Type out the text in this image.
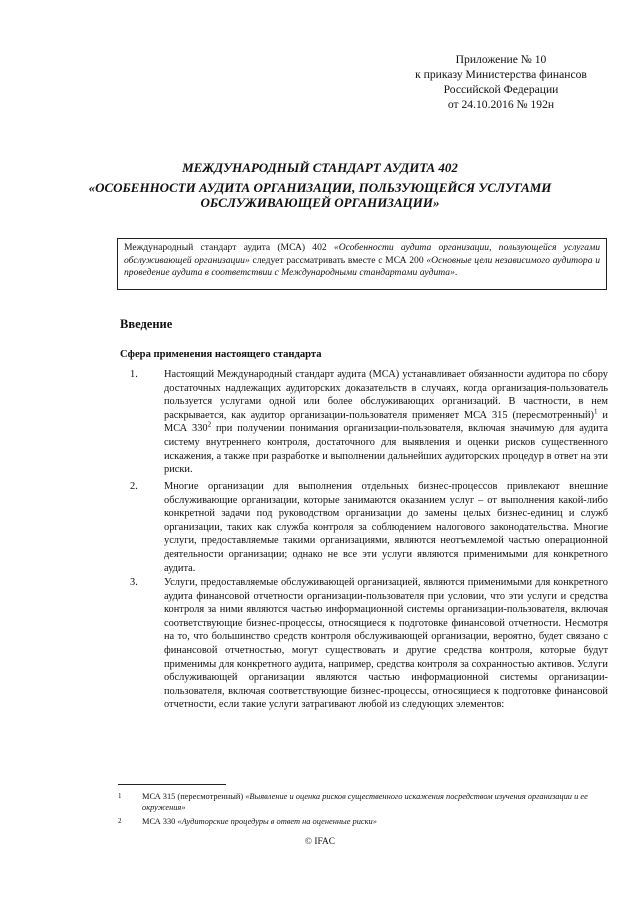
Приложение № 10
к приказу Министерства финансов
Российской Федерации
от 24.10.2016 № 192н
МЕЖДУНАРОДНЫЙ СТАНДАРТ АУДИТА 402
«ОСОБЕННОСТИ АУДИТА ОРГАНИЗАЦИИ, ПОЛЬЗУЮЩЕЙСЯ УСЛУГАМИ ОБСЛУЖИВАЮЩЕЙ ОРГАНИЗАЦИИ»
Международный стандарт аудита (МСА) 402 «Особенности аудита организации, пользующейся услугами обслуживающей организации» следует рассматривать вместе с МСА 200 «Основные цели независимого аудитора и проведение аудита в соответствии с Международными стандартами аудита».
Введение
Сфера применения настоящего стандарта
1.	Настоящий Международный стандарт аудита (МСА) устанавливает обязанности аудитора по сбору достаточных надлежащих аудиторских доказательств в случаях, когда организация-пользователь пользуется услугами одной или более обслуживающих организаций. В частности, в нем раскрывается, как аудитор организации-пользователя применяет МСА 315 (пересмотренный)$^1$ и МСА $330^2$ при получении понимания организации-пользователя, включая значимую для аудита систему внутреннего контроля, достаточного для выявления и оценки рисков существенного искажения, а также при разработке и выполнении дальнейших аудиторских процедур в ответ на эти риски.
2.	Многие организации для выполнения отдельных бизнес-процессов привлекают внешние обслуживающие организации, которые занимаются оказанием услуг – от выполнения какой-либо конкретной задачи под руководством организации до замены целых бизнес-единиц и служб организации, таких как служба контроля за соблюдением налогового законодательства. Многие услуги, предоставляемые такими организациями, являются неотъемлемой частью операционной деятельности организации; однако не все эти услуги являются применимыми для конкретного аудита.
3.	Услуги, предоставляемые обслуживающей организацией, являются применимыми для конкретного аудита финансовой отчетности организации-пользователя при условии, что эти услуги и средства контроля за ними являются частью информационной системы организации-пользователя, включая соответствующие бизнес-процессы, относящиеся к подготовке финансовой отчетности. Несмотря на то, что большинство средств контроля обслуживающей организации, вероятно, будет связано с финансовой отчетностью, могут существовать и другие средства контроля, которые будут применимы для конкретного аудита, например, средства контроля за сохранностью активов. Услуги обслуживающей организации являются частью информационной системы организации-пользователя, включая соответствующие бизнес-процессы, относящиеся к подготовке финансовой отчетности, если такие услуги затрагивают любой из следующих элементов:
1 МСА 315 (пересмотренный) «Выявление и оценка рисков существенного искажения посредством изучения организации и ее окружения»
2 МСА 330 «Аудиторские процедуры в ответ на оцененные риски»
© IFAC
